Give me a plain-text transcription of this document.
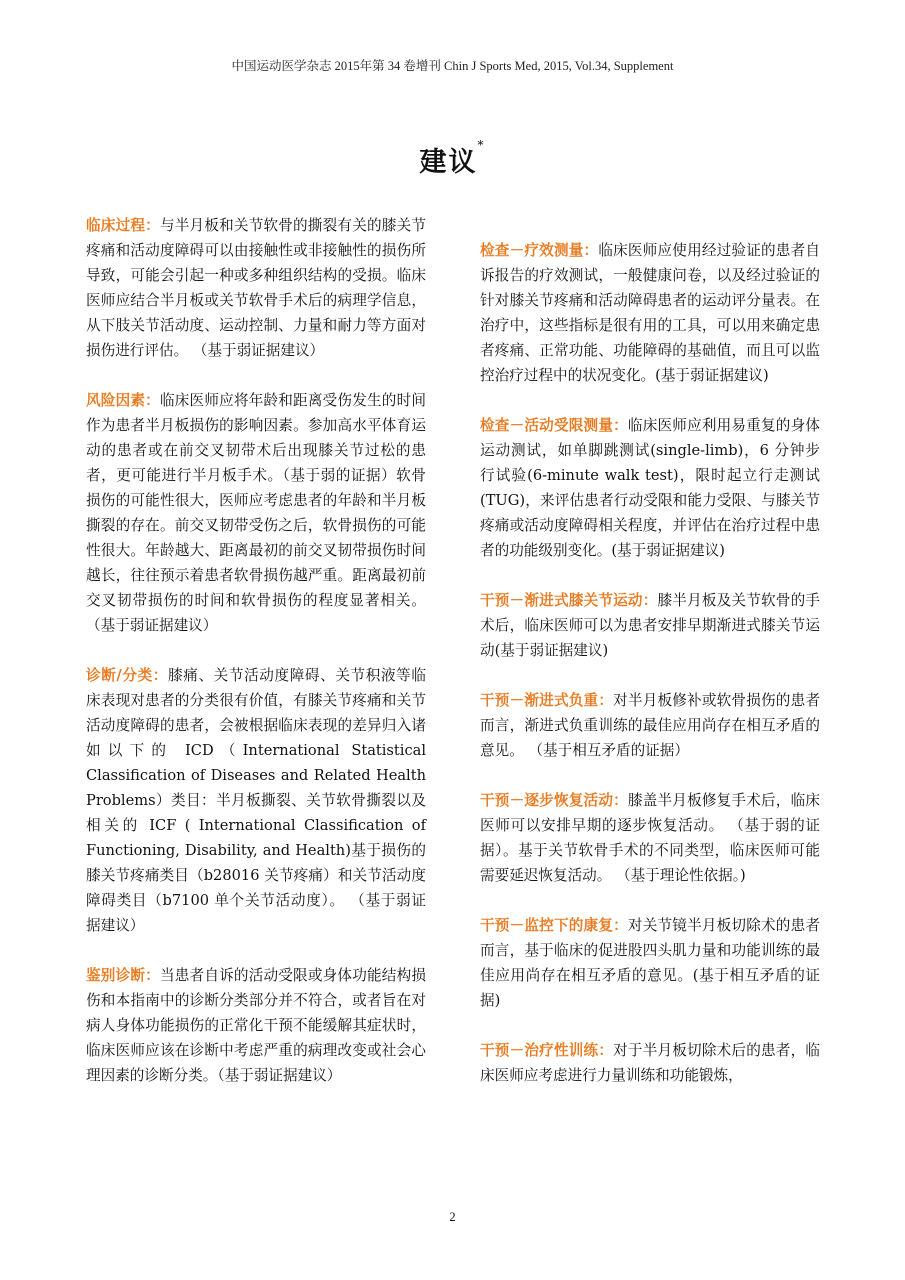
中国运动医学杂志 2015年第 34 卷增刊 Chin J Sports Med, 2015, Vol.34, Supplement
建议*

临床过程：与半月板和关节软骨的撕裂有关的膝关节疼痛和活动度障碍可以由接触性或非接触性的损伤所导致，可能会引起一种或多种组织结构的受损。临床医师应结合半月板或关节软骨手术后的病理学信息，从下肢关节活动度、运动控制、力量和耐力等方面对损伤进行评估。 （基于弱证据建议）

风险因素：临床医师应将年龄和距离受伤发生的时间作为患者半月板损伤的影响因素。参加高水平体育运动的患者或在前交叉韧带术后出现膝关节过松的患者，更可能进行半月板手术。（基于弱的证据）软骨损伤的可能性很大，医师应考虑患者的年龄和半月板撕裂的存在。前交叉韧带受伤之后，软骨损伤的可能性很大。年龄越大、距离最初的前交叉韧带损伤时间越长，往往预示着患者软骨损伤越严重。距离最初前交叉韧带损伤的时间和软骨损伤的程度显著相关。 （基于弱证据建议）

诊断/分类：膝痛、关节活动度障碍、关节积液等临床表现对患者的分类很有价值，有膝关节疼痛和关节活动度障碍的患者，会被根据临床表现的差异归入诸如以下的 ICD（International Statistical Classification of Diseases and Related Health Problems）类目：半月板撕裂、关节软骨撕裂以及相关的 ICF ( International Classification of Functioning, Disability, and Health)基于损伤的膝关节疼痛类目（b28016 关节疼痛）和关节活动度障碍类目（b7100 单个关节活动度）。 （基于弱证据建议）

鉴别诊断：当患者自诉的活动受限或身体功能结构损伤和本指南中的诊断分类部分并不符合，或者旨在对病人身体功能损伤的正常化干预不能缓解其症状时，临床医师应该在诊断中考虑严重的病理改变或社会心理因素的诊断分类。（基于弱证据建议）

检查－疗效测量：临床医师应使用经过验证的患者自诉报告的疗效测试，一般健康问卷，以及经过验证的针对膝关节疼痛和活动障碍患者的运动评分量表。在治疗中，这些指标是很有用的工具，可以用来确定患者疼痛、正常功能、功能障碍的基础值，而且可以监控治疗过程中的状况变化。(基于弱证据建议)

检查－活动受限测量：临床医师应利用易重复的身体运动测试，如单脚跳测试(single-limb)，6 分钟步行试验(6-minute walk test)，限时起立行走测试(TUG)，来评估患者行动受限和能力受限、与膝关节疼痛或活动度障碍相关程度，并评估在治疗过程中患者的功能级别变化。(基于弱证据建议)

干预－渐进式膝关节运动：膝半月板及关节软骨的手术后，临床医师可以为患者安排早期渐进式膝关节运动(基于弱证据建议)

干预－渐进式负重：对半月板修补或软骨损伤的患者而言，渐进式负重训练的最佳应用尚存在相互矛盾的意见。 （基于相互矛盾的证据）

干预－逐步恢复活动：膝盖半月板修复手术后，临床医师可以安排早期的逐步恢复活动。 （基于弱的证据）。基于关节软骨手术的不同类型，临床医师可能需要延迟恢复活动。 （基于理论性依据。)

干预－监控下的康复：对关节镜半月板切除术的患者而言，基于临床的促进股四头肌力量和功能训练的最佳应用尚存在相互矛盾的意见。(基于相互矛盾的证据)

干预－治疗性训练：对于半月板切除术后的患者，临床医师应考虑进行力量训练和功能锻炼，

2
